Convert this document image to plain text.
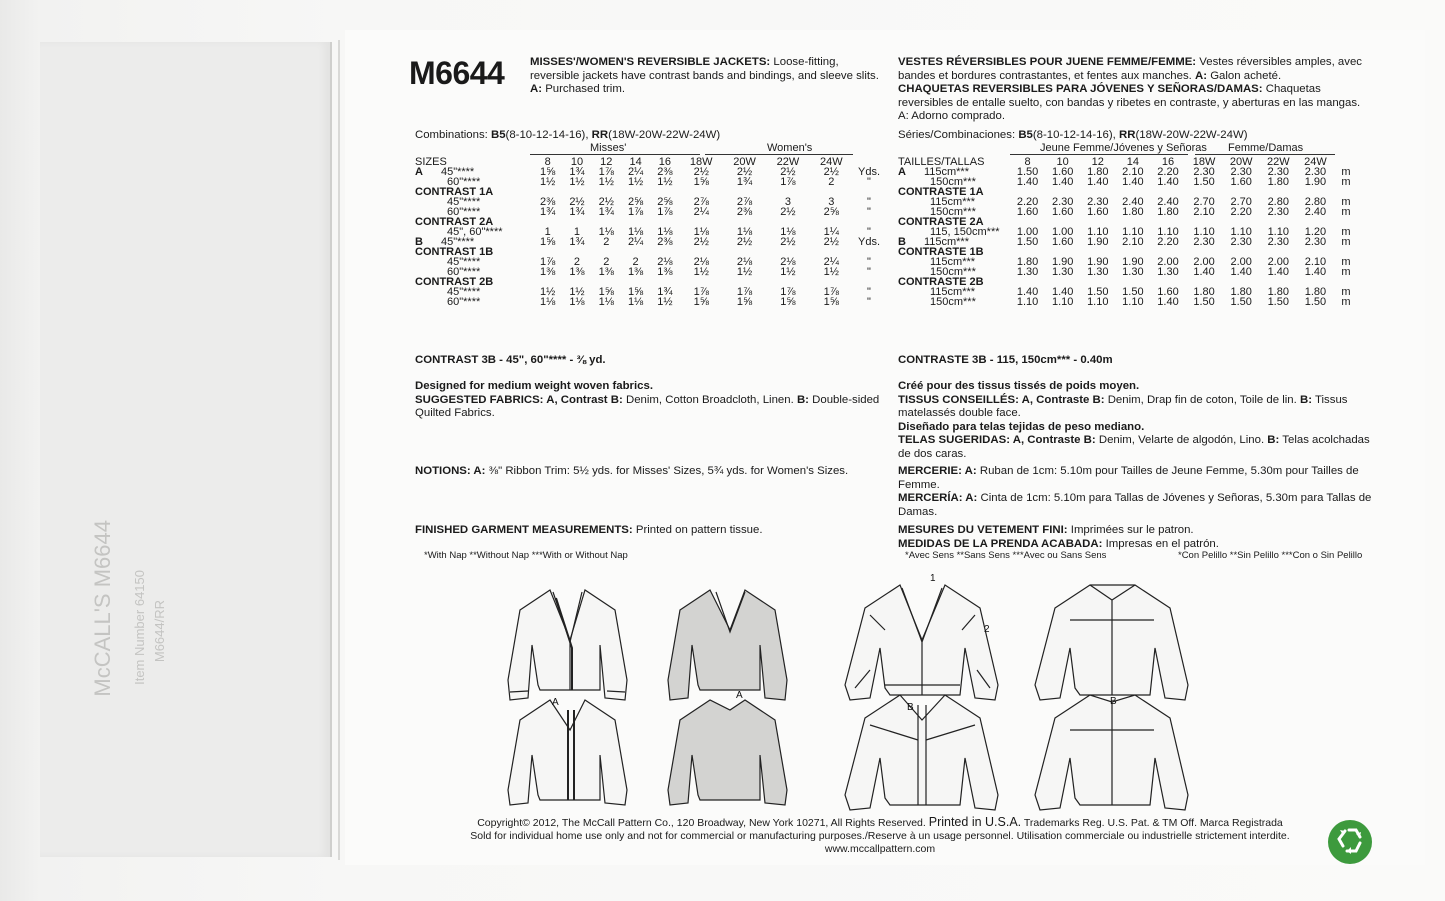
McCALL'S M6644 Item Number 64150 M6644/RR
M6644 MISSES'/WOMEN'S REVERSIBLE JACKETS: Loose-fitting, reversible jackets have contrast bands and bindings, and sleeve slits. A: Purchased trim.
VESTES RÉVERSIBLES POUR JUENE FEMME/FEMME: Vestes réversibles amples, avec bandes et bordures contrastantes, et fentes aux manches. A: Galon acheté.
CHAQUETAS REVERSIBLES PARA JÓVENES Y SEÑORAS/DAMAS: Chaquetas reversibles de entalle suelto, con bandas y ribetes en contraste, y aberturas en las mangas.
A: Adorno comprado.
Combinations: B5(8-10-12-14-16), RR(18W-20W-22W-24W)
Misses'	Women's
SIZES	8	10	12	14	16	18W	20W	22W	24W	
A 45"****	1⅝	1¾	1⅞	2¼	2⅜	2½	2½	2½	2½	Yds.
60"****	1½	1½	1½	1½	1½	1⅝	1¾	1⅞	2	"
CONTRAST 1A										
45"****	2⅜	2½	2½	2⅝	2⅝	2⅞	2⅞	3	3	"
60"****	1¾	1¾	1¾	1⅞	1⅞	2¼	2⅜	2½	2⅝	"
CONTRAST 2A										
45", 60"****	1	1	1⅛	1⅛	1⅛	1⅛	1⅛	1⅛	1¼	"
B 45"****	1⅝	1¾	2	2¼	2⅜	2½	2½	2½	2½	Yds.
CONTRAST 1B										
45"****	1⅞	2	2	2	2⅛	2⅛	2⅛	2⅛	2¼	"
60"****	1⅜	1⅜	1⅜	1⅜	1⅜	1½	1½	1½	1½	"
CONTRAST 2B										
45"****	1½	1½	1⅝	1⅝	1¾	1⅞	1⅞	1⅞	1⅞	"
60"****	1⅛	1⅛	1⅛	1⅛	1½	1⅝	1⅝	1⅝	1⅝	"
CONTRAST 3B - 45", 60"**** - ⅜ yd.
Séries/Combinaciones: B5(8-10-12-14-16), RR(18W-20W-22W-24W)
Jeune Femme/Jóvenes y Señoras Femme/Damas
TAILLES/TALLAS	8	10	12	14	16	18W	20W	22W	24W	
A 115cm***	1.50	1.60	1.80	2.10	2.20	2.30	2.30	2.30	2.30	m
150cm***	1.40	1.40	1.40	1.40	1.40	1.50	1.60	1.80	1.90	m
CONTRASTE 1A										
115cm***	2.20	2.30	2.30	2.40	2.40	2.70	2.70	2.80	2.80	m
150cm***	1.60	1.60	1.60	1.80	1.80	2.10	2.20	2.30	2.40	m
CONTRASTE 2A										
115, 150cm***	1.00	1.00	1.10	1.10	1.10	1.10	1.10	1.10	1.20	m
B 115cm***	1.50	1.60	1.90	2.10	2.20	2.30	2.30	2.30	2.30	m
CONTRASTE 1B										
115cm***	1.80	1.90	1.90	1.90	2.00	2.00	2.00	2.00	2.10	m
150cm***	1.30	1.30	1.30	1.30	1.30	1.40	1.40	1.40	1.40	m
CONTRASTE 2B										
115cm***	1.40	1.40	1.50	1.50	1.60	1.80	1.80	1.80	1.80	m
150cm***	1.10	1.10	1.10	1.10	1.40	1.50	1.50	1.50	1.50	m
CONTRASTE 3B - 115, 150cm*** - 0.40m
Designed for medium weight woven fabrics.
SUGGESTED FABRICS: A, Contrast B: Denim, Cotton Broadcloth, Linen. B: Double-sided
Quilted Fabrics.
Créé pour des tissus tissés de poids moyen.
TISSUS CONSEILLÉS: A, Contraste B: Denim, Drap fin de coton, Toile de lin. B: Tissus
matelassés double face.
Diseñado para telas tejidas de peso mediano.
TELAS SUGERIDAS: A, Contraste B: Denim, Velarte de algodón, Lino. B: Telas acolchadas
de dos caras.
NOTIONS: A: ⅜" Ribbon Trim: 5½ yds. for Misses' Sizes, 5¾ yds. for Women's Sizes.	MERCERIE: A: Ruban de 1cm: 5.10m pour Tailles de Jeune Femme, 5.30m pour Tailles de
Femme.
MERCERÍA: A: Cinta de 1cm: 5.10m para Tallas de Jóvenes y Señoras, 5.30m para Tallas de
Damas.
FINISHED GARMENT MEASUREMENTS: Printed on pattern tissue.	MESURES DU VETEMENT FINI: Imprimées sur le patron.
MEDIDAS DE LA PRENDA ACABADA: Impresas en el patrón.
*With Nap **Without Nap ***With or Without Nap	*Avec Sens **Sans Sens ***Avec ou Sans Sens	*Con Pelillo **Sin Pelillo ***Con o Sin Pelillo
A
A
B
B
1
2
Copyright© 2012, The McCall Pattern Co., 120 Broadway, New York 10271, All Rights Reserved. Printed in U.S.A. Trademarks Reg. U.S. Pat. & TM Off. Marca Registrada
Sold for individual home use only and not for commercial or manufacturing purposes./Reserve à un usage personnel. Utilisation commerciale ou industrielle strictement interdite.
www.mccallpattern.com
